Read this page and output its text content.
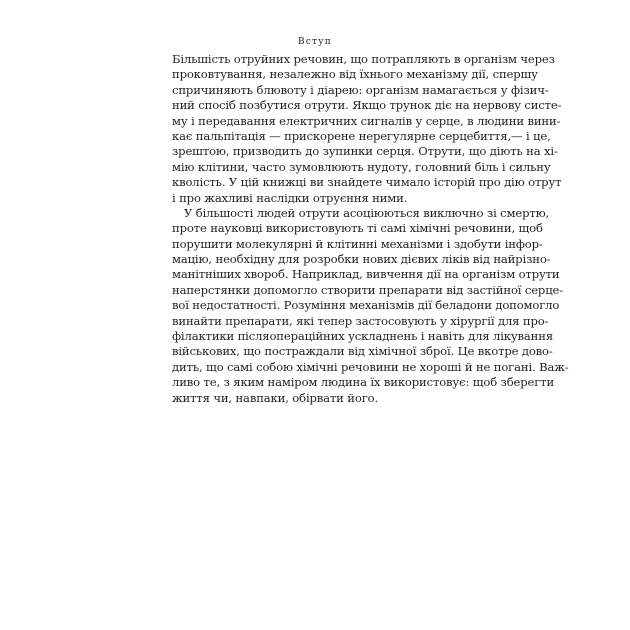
Вступ
Більшість отруйних речовин, що потрапляють в організм через
проковтування, незалежно від їхнього механізму дії, спершу
спричиняють блювоту і діарею: організм намагається у фізич-
ний спосіб позбутися отрути. Якщо трунок діє на нервову систе-
му і передавання електричних сигналів у серце, в людини вини-
кає пальпітація — прискорене нерегулярне серцебиття,— і це,
зрештою, призводить до зупинки серця. Отрути, що діють на хі-
мію клітини, часто зумовлюють нудоту, головний біль і сильну
кволість. У цій книжці ви знайдете чимало історій про дію отрут
і про жахливі наслідки отруєння ними.
У більшості людей отрути асоціюються виключно зі смертю,
проте науковці використовують ті самі хімічні речовини, щоб
порушити молекулярні й клітинні механізми і здобути інфор-
мацію, необхідну для розробки нових дієвих ліків від найрізно-
манітніших хвороб. Наприклад, вивчення дії на організм отрути
наперстянки допомогло створити препарати від застійної серце-
вої недостатності. Розуміння механізмів дії беладони допомогло
винайти препарати, які тепер застосовують у хірургії для про-
філактики післяопераційних ускладнень і навіть для лікування
військових, що постраждали від хімічної зброї. Це вкотре дово-
дить, що самі собою хімічні речовини не хороші й не погані. Важ-
ливо те, з яким наміром людина їх використовує: щоб зберегти
життя чи, навпаки, обірвати його.
